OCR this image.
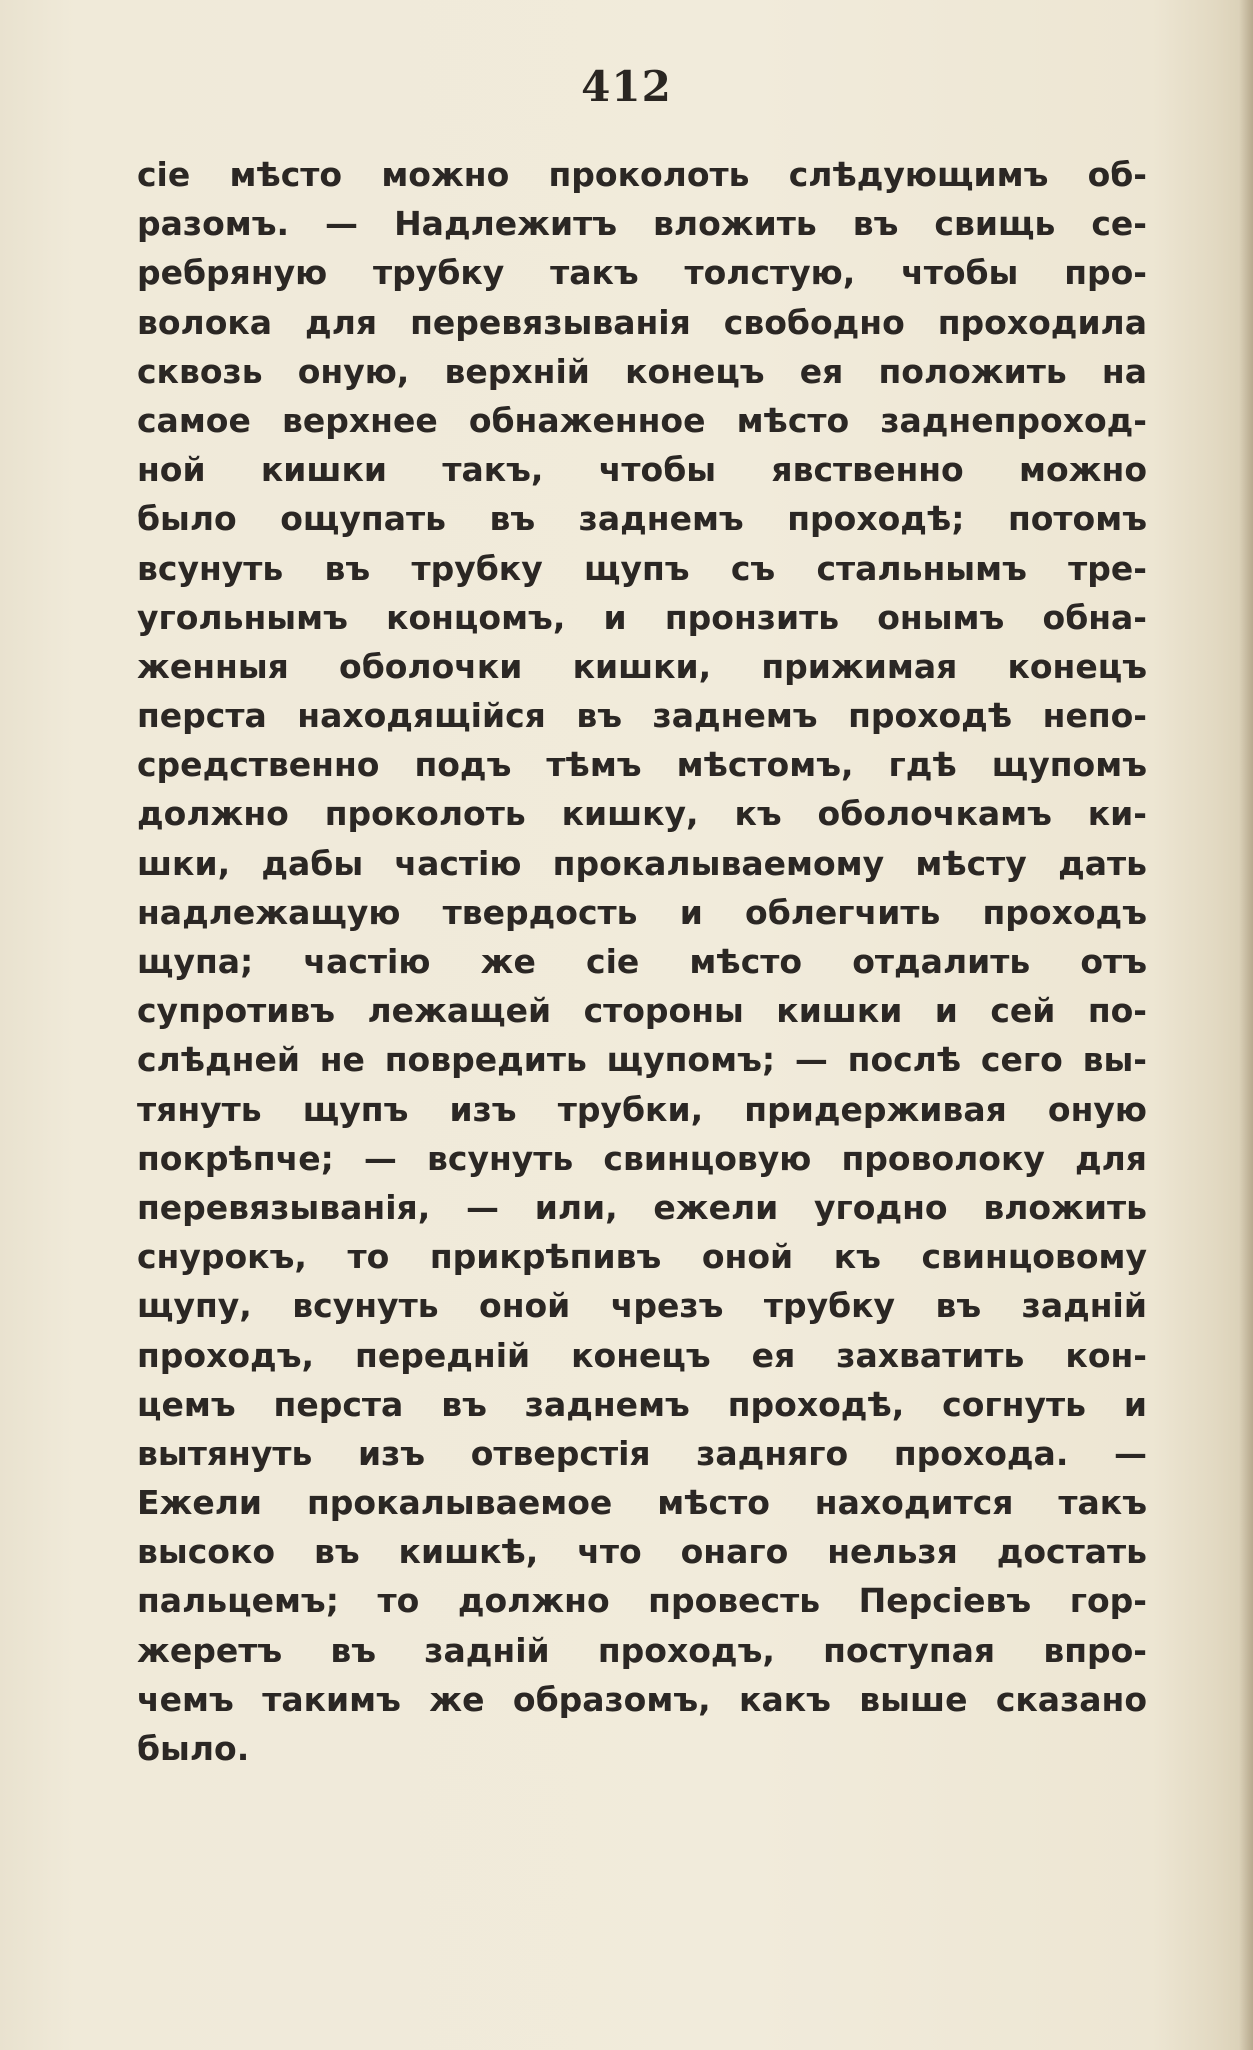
412
сіе мѣсто можно проколоть слѣдующимъ об-
разомъ. — Надлежитъ вложить въ свищь се-
ребряную трубку такъ толстую, чтобы про-
волока для перевязыванія свободно проходила
сквозь оную, верхній конецъ ея положить на
самое верхнее обнаженное мѣсто заднепроход-
ной кишки такъ, чтобы явственно можно
было ощупать въ заднемъ проходѣ; потомъ
всунуть въ трубку щупъ съ стальнымъ тре-
угольнымъ концомъ, и пронзить онымъ обна-
женныя оболочки кишки, прижимая конецъ
перста находящійся въ заднемъ проходѣ непо-
средственно подъ тѣмъ мѣстомъ, гдѣ щупомъ
должно проколоть кишку, къ оболочкамъ ки-
шки, дабы частію прокалываемому мѣсту дать
надлежащую твердость и облегчить проходъ
щупа; частію же сіе мѣсто отдалить отъ
супротивъ лежащей стороны кишки и сей по-
слѣдней не повредить щупомъ; — послѣ сего вы-
тянуть щупъ изъ трубки, придерживая оную
покрѣпче; — всунуть свинцовую проволоку для
перевязыванія, — или, ежели угодно вложить
снурокъ, то прикрѣпивъ оной къ свинцовому
щупу, всунуть оной чрезъ трубку въ задній
проходъ, передній конецъ ея захватить кон-
цемъ перста въ заднемъ проходѣ, согнуть и
вытянуть изъ отверстія задняго прохода. —
Ежели прокалываемое мѣсто находится такъ
высоко въ кишкѣ, что онаго нельзя достать
пальцемъ; то должно провесть Персіевъ гор-
жеретъ въ задній проходъ, поступая впро-
чемъ такимъ же образомъ, какъ выше сказано
было.
